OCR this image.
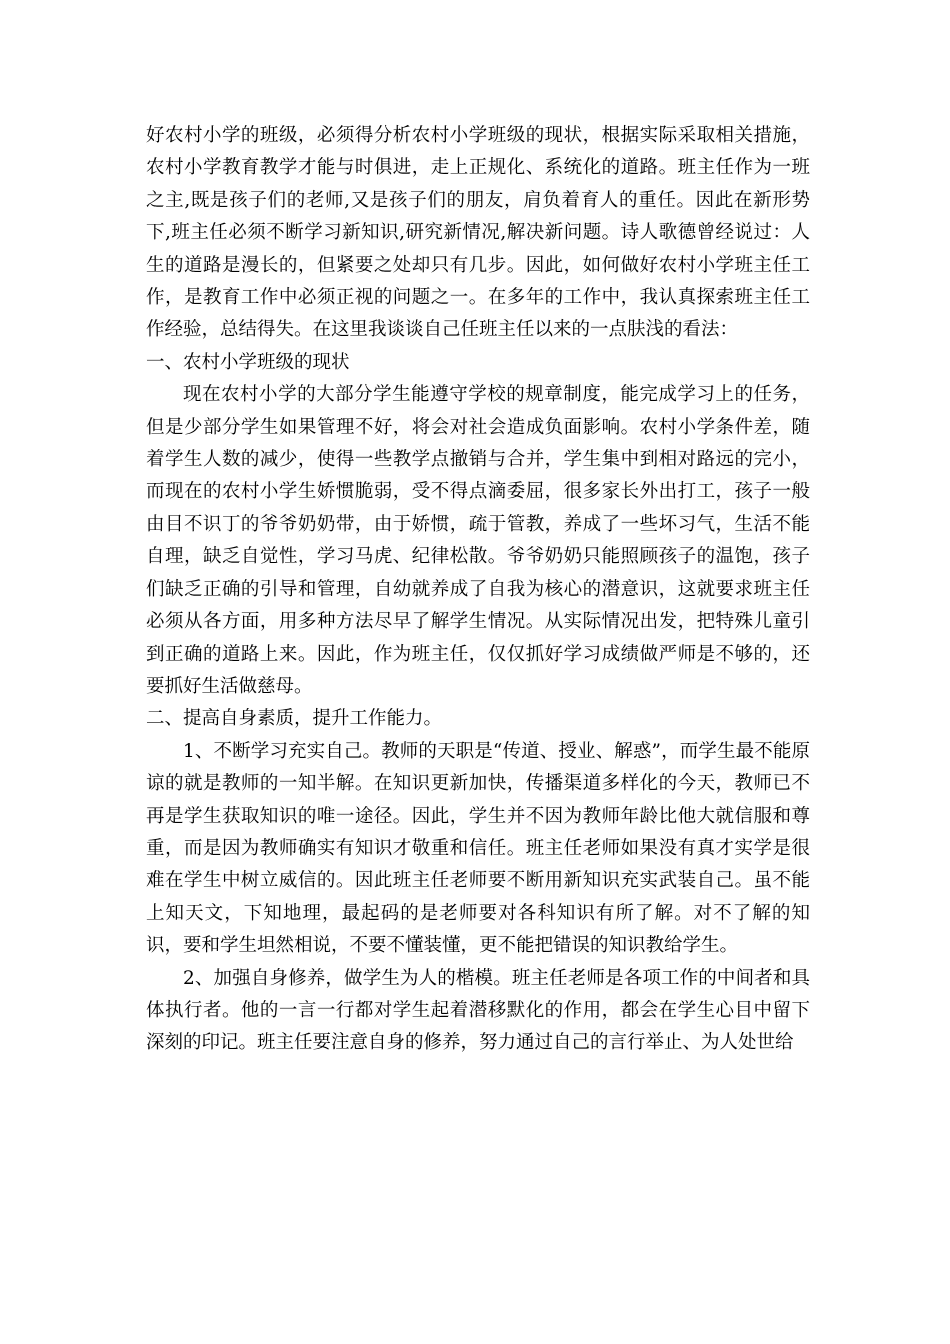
好农村小学的班级，必须得分析农村小学班级的现状，根据实际采取相关措施，农村小学教育教学才能与时俱进，走上正规化、系统化的道路。班主任作为一班之主,既是孩子们的老师,又是孩子们的朋友，肩负着育人的重任。因此在新形势下,班主任必须不断学习新知识,研究新情况,解决新问题。诗人歌德曾经说过：人生的道路是漫长的，但紧要之处却只有几步。因此，如何做好农村小学班主任工作，是教育工作中必须正视的问题之一。在多年的工作中，我认真探索班主任工作经验，总结得失。在这里我谈谈自己任班主任以来的一点肤浅的看法：

一、农村小学班级的现状

现在农村小学的大部分学生能遵守学校的规章制度，能完成学习上的任务，但是少部分学生如果管理不好，将会对社会造成负面影响。农村小学条件差，随着学生人数的减少，使得一些教学点撤销与合并，学生集中到相对路远的完小，而现在的农村小学生娇惯脆弱，受不得点滴委屈，很多家长外出打工，孩子一般由目不识丁的爷爷奶奶带，由于娇惯，疏于管教，养成了一些坏习气，生活不能自理，缺乏自觉性，学习马虎、纪律松散。爷爷奶奶只能照顾孩子的温饱，孩子们缺乏正确的引导和管理，自幼就养成了自我为核心的潜意识，这就要求班主任必须从各方面，用多种方法尽早了解学生情况。从实际情况出发，把特殊儿童引到正确的道路上来。因此，作为班主任，仅仅抓好学习成绩做严师是不够的，还要抓好生活做慈母。

二、提高自身素质，提升工作能力。

1、不断学习充实自己。教师的天职是“传道、授业、解惑”，而学生最不能原谅的就是教师的一知半解。在知识更新加快，传播渠道多样化的今天，教师已不再是学生获取知识的唯一途径。因此，学生并不因为教师年龄比他大就信服和尊重，而是因为教师确实有知识才敬重和信任。班主任老师如果没有真才实学是很难在学生中树立威信的。因此班主任老师要不断用新知识充实武装自己。虽不能上知天文，下知地理，最起码的是老师要对各科知识有所了解。对不了解的知识，要和学生坦然相说，不要不懂装懂，更不能把错误的知识教给学生。

2、加强自身修养，做学生为人的楷模。班主任老师是各项工作的中间者和具体执行者。他的一言一行都对学生起着潜移默化的作用，都会在学生心目中留下深刻的印记。班主任要注意自身的修养，努力通过自己的言行举止、为人处世给
